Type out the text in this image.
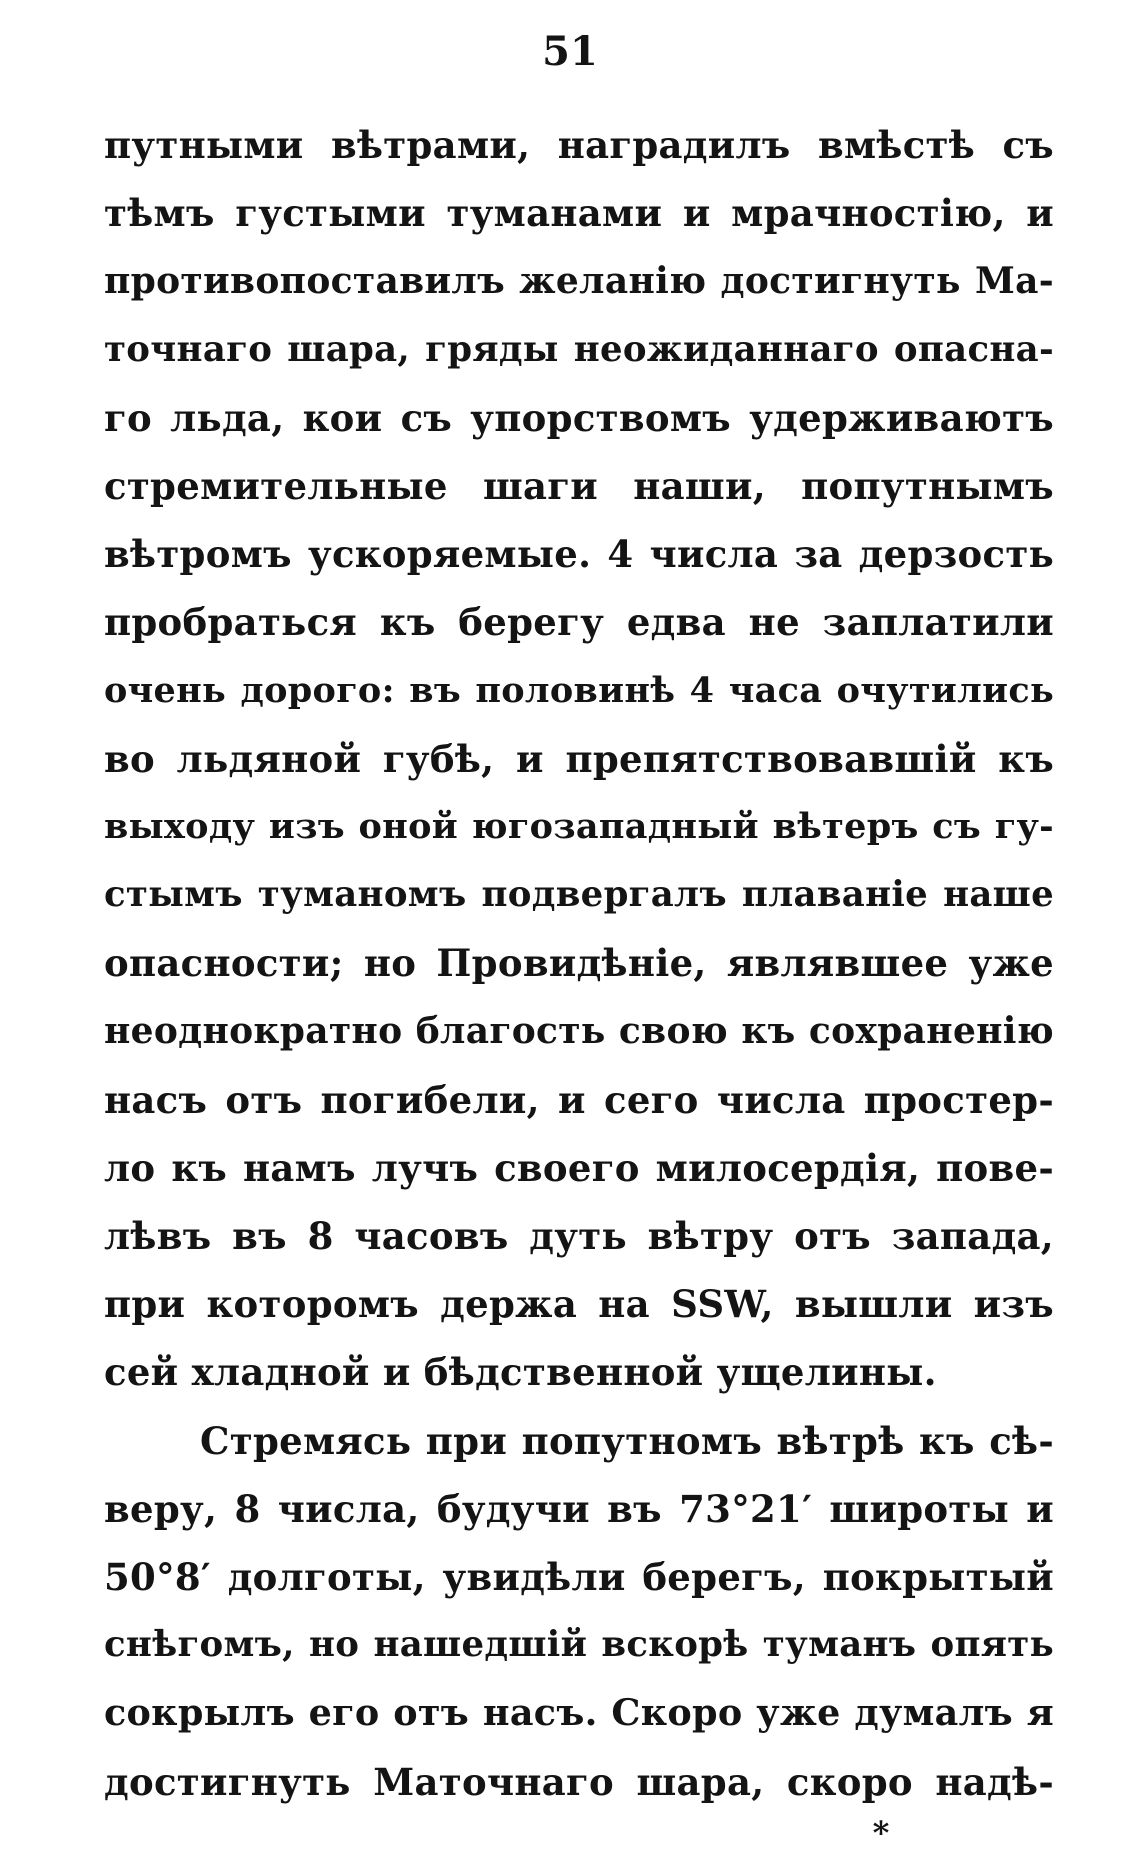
51
путными вѣтрами, наградилъ вмѣстѣ съ
тѣмъ густыми туманами и мрачностію, и
противопоставилъ желанію достигнуть Ма-
точнаго шара, гряды неожиданнаго опасна-
го льда, кои съ упорствомъ удерживаютъ
стремительные шаги наши, попутнымъ
вѣтромъ ускоряемые. 4 числа за дерзость
пробраться къ берегу едва не заплатили
очень дорого: въ половинѣ 4 часа очутились
во льдяной губѣ, и препятствовавшій къ
выходу изъ оной югозападный вѣтеръ съ гу-
стымъ туманомъ подвергалъ плаваніе наше
опасности; но Провидѣніе, являвшее уже
неоднократно благость свою къ сохраненію
насъ отъ погибели, и сего числа простер-
ло къ намъ лучъ своего милосердія, пове-
лѣвъ въ 8 часовъ дуть вѣтру отъ запада,
при которомъ держа на SSW, вышли изъ
сей хладной и бѣдственной ущелины.
Стремясь при попутномъ вѣтрѣ къ сѣ-
веру, 8 числа, будучи въ 73°21′ широты и
50°8′ долготы, увидѣли берегъ, покрытый
снѣгомъ, но нашедшій вскорѣ туманъ опять
сокрылъ его отъ насъ. Скоро уже думалъ я
достигнуть Маточнаго шара, скоро надѣ-
*
